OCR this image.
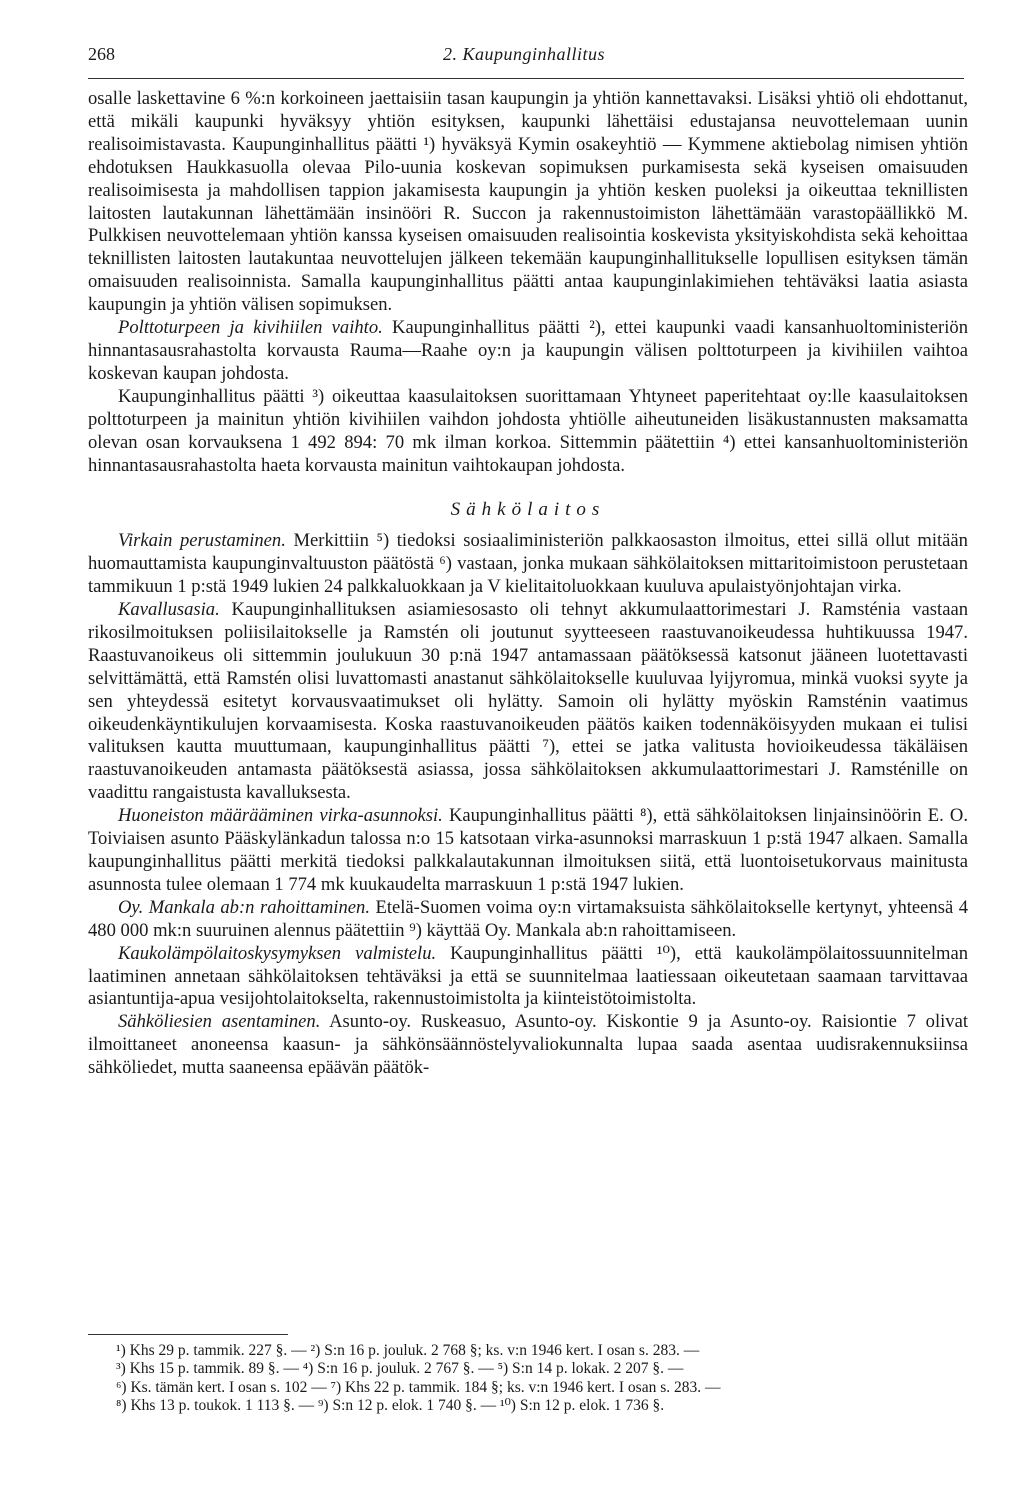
268	2. Kaupunginhallitus

osalle laskettavine 6 %:n korkoineen jaettaisiin tasan kaupungin ja yhtiön kannettavaksi. Lisäksi yhtiö oli ehdottanut, että mikäli kaupunki hyväksyy yhtiön esityksen, kaupunki lähettäisi edustajansa neuvottelemaan uunin realisoimistavasta. Kaupunginhallitus päätti ¹) hyväksyä Kymin osakeyhtiö — Kymmene aktiebolag nimisen yhtiön ehdotuksen Haukkasuolla olevaa Pilo-uunia koskevan sopimuksen purkamisesta sekä kyseisen omaisuuden realisoimisesta ja mahdollisen tappion jakamisesta kaupungin ja yhtiön kesken puoleksi ja oikeuttaa teknillisten laitosten lautakunnan lähettämään insinööri R. Succon ja rakennustoimiston lähettämään varastopäällikkö M. Pulkkisen neuvottelemaan yhtiön kanssa kyseisen omaisuuden realisointia koskevista yksityiskohdista sekä kehoittaa teknillisten laitosten lautakuntaa neuvottelujen jälkeen tekemään kaupunginhallitukselle lopullisen esityksen tämän omaisuuden realisoinnista. Samalla kaupunginhallitus päätti antaa kaupunginlakimiehen tehtäväksi laatia asiasta kaupungin ja yhtiön välisen sopimuksen.

Polttoturpeen ja kivihiilen vaihto. Kaupunginhallitus päätti ²), ettei kaupunki vaadi kansanhuoltoministeriön hinnantasausrahastolta korvausta Rauma—Raahe oy:n ja kaupungin välisen polttoturpeen ja kivihiilen vaihtoa koskevan kaupan johdosta.

Kaupunginhallitus päätti ³) oikeuttaa kaasulaitoksen suorittamaan Yhtyneet paperitehtaat oy:lle kaasulaitoksen polttoturpeen ja mainitun yhtiön kivihiilen vaihdon johdosta yhtiölle aiheutuneiden lisäkustannusten maksamatta olevan osan korvauksena 1 492 894: 70 mk ilman korkoa. Sittemmin päätettiin ⁴) ettei kansanhuoltoministeriön hinnantasausrahastolta haeta korvausta mainitun vaihtokaupan johdosta.

Sähkölaitos

Virkain perustaminen. Merkittiin ⁵) tiedoksi sosiaaliministeriön palkkaosaston ilmoitus, ettei sillä ollut mitään huomauttamista kaupunginvaltuuston päätöstä ⁶) vastaan, jonka mukaan sähkölaitoksen mittaritoimistoon perustetaan tammikuun 1 p:stä 1949 lukien 24 palkkaluokkaan ja V kielitaitoluokkaan kuuluva apulaistyönjohtajan virka.

Kavallusasia. Kaupunginhallituksen asiamiesosasto oli tehnyt akkumulaattorimestari J. Ramsténia vastaan rikosilmoituksen poliisilaitokselle ja Ramstén oli joutunut syytteeseen raastuvanoikeudessa huhtikuussa 1947. Raastuvanoikeus oli sittemmin joulukuun 30 p:nä 1947 antamassaan päätöksessä katsonut jääneen luotettavasti selvittämättä, että Ramstén olisi luvattomasti anastanut sähkölaitokselle kuuluvaa lyijyromua, minkä vuoksi syyte ja sen yhteydessä esitetyt korvausvaatimukset oli hylätty. Samoin oli hylätty myöskin Ramsténin vaatimus oikeudenkäyntikulujen korvaamisesta. Koska raastuvanoikeuden päätös kaiken todennäköisyyden mukaan ei tulisi valituksen kautta muuttumaan, kaupunginhallitus päätti ⁷), ettei se jatka valitusta hovioikeudessa täkäläisen raastuvanoikeuden antamasta päätöksestä asiassa, jossa sähkölaitoksen akkumulaattorimestari J. Ramsténille on vaadittu rangaistusta kavalluksesta.

Huoneiston määrääminen virka-asunnoksi. Kaupunginhallitus päätti ⁸), että sähkölaitoksen linjainsinöörin E. O. Toiviaisen asunto Pääskylänkadun talossa n:o 15 katsotaan virka-asunnoksi marraskuun 1 p:stä 1947 alkaen. Samalla kaupunginhallitus päätti merkitä tiedoksi palkkalautakunnan ilmoituksen siitä, että luontoisetukorvaus mainitusta asunnosta tulee olemaan 1 774 mk kuukaudelta marraskuun 1 p:stä 1947 lukien.

Oy. Mankala ab:n rahoittaminen. Etelä-Suomen voima oy:n virtamaksuista sähkölaitokselle kertynyt, yhteensä 4 480 000 mk:n suuruinen alennus päätettiin ⁹) käyttää Oy. Mankala ab:n rahoittamiseen.

Kaukolämpölaitoskysymyksen valmistelu. Kaupunginhallitus päätti ¹⁰), että kaukolämpölaitossuunnitelman laatiminen annetaan sähkölaitoksen tehtäväksi ja että se suunnitelmaa laatiessaan oikeutetaan saamaan tarvittavaa asiantuntija-apua vesijohtolaitokselta, rakennustoimistolta ja kiinteistötoimistolta.

Sähköliesien asentaminen. Asunto-oy. Ruskeasuo, Asunto-oy. Kiskontie 9 ja Asunto-oy. Raisiontie 7 olivat ilmoittaneet anoneensa kaasun- ja sähkönsäännöstelyvaliokunnalta lupaa saada asentaa uudisrakennuksiinsa sähköliedet, mutta saaneensa epäävän päätök-

¹) Khs 29 p. tammik. 227 §. — ²) S:n 16 p. jouluk. 2 768 §; ks. v:n 1946 kert. I osan s. 283. —

³) Khs 15 p. tammik. 89 §. — ⁴) S:n 16 p. jouluk. 2 767 §. — ⁵) S:n 14 p. lokak. 2 207 §. —

⁶) Ks. tämän kert. I osan s. 102 — ⁷) Khs 22 p. tammik. 184 §; ks. v:n 1946 kert. I osan s. 283. —

⁸) Khs 13 p. toukok. 1 113 §. — ⁹) S:n 12 p. elok. 1 740 §. — ¹⁰) S:n 12 p. elok. 1 736 §.
